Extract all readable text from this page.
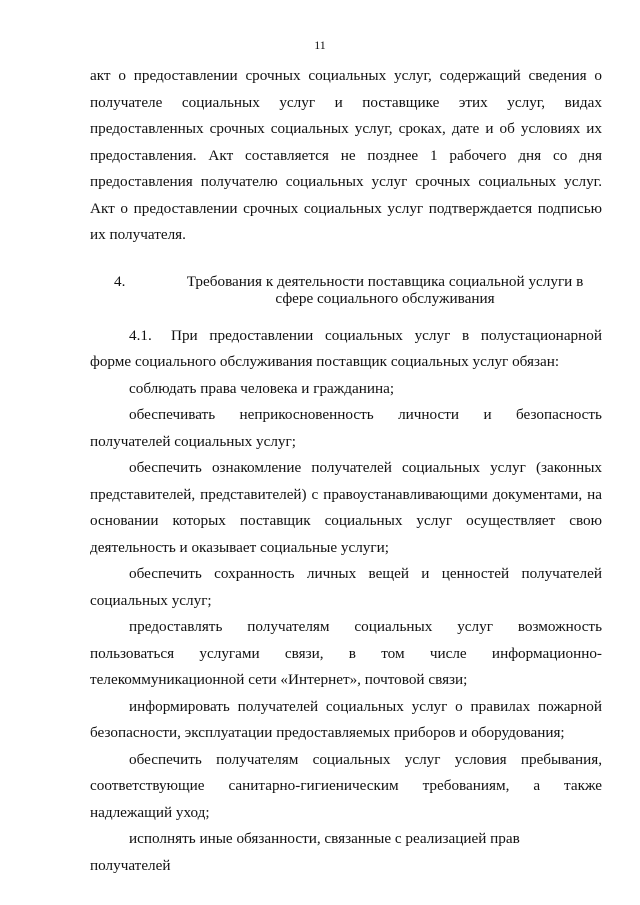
11

акт о предоставлении срочных социальных услуг, содержащий сведения о получателе социальных услуг и поставщике этих услуг, видах предоставленных срочных социальных услуг, сроках, дате и об условиях их предоставления. Акт составляется не позднее 1 рабочего дня со дня предоставления получателю социальных услуг срочных социальных услуг. Акт о предоставлении срочных социальных услуг подтверждается подписью их получателя.

4.	Требования к деятельности поставщика социальной услуги в сфере социального обслуживания

4.1. При предоставлении социальных услуг в полустационарной форме социального обслуживания поставщик социальных услуг обязан:

соблюдать права человека и гражданина;

обеспечивать неприкосновенность личности и безопасность получателей социальных услуг;

обеспечить ознакомление получателей социальных услуг (законных представителей, представителей) с правоустанавливающими документами, на основании которых поставщик социальных услуг осуществляет свою деятельность и оказывает социальные услуги;

обеспечить сохранность личных вещей и ценностей получателей социальных услуг;

предоставлять получателям социальных услуг возможность пользоваться услугами связи, в том числе информационно-телекоммуникационной сети «Интернет», почтовой связи;

информировать получателей социальных услуг о правилах пожарной безопасности, эксплуатации предоставляемых приборов и оборудования;

обеспечить получателям социальных услуг условия пребывания, соответствующие санитарно-гигиеническим требованиям, а также надлежащий уход;

исполнять иные обязанности, связанные с реализацией прав получателей
